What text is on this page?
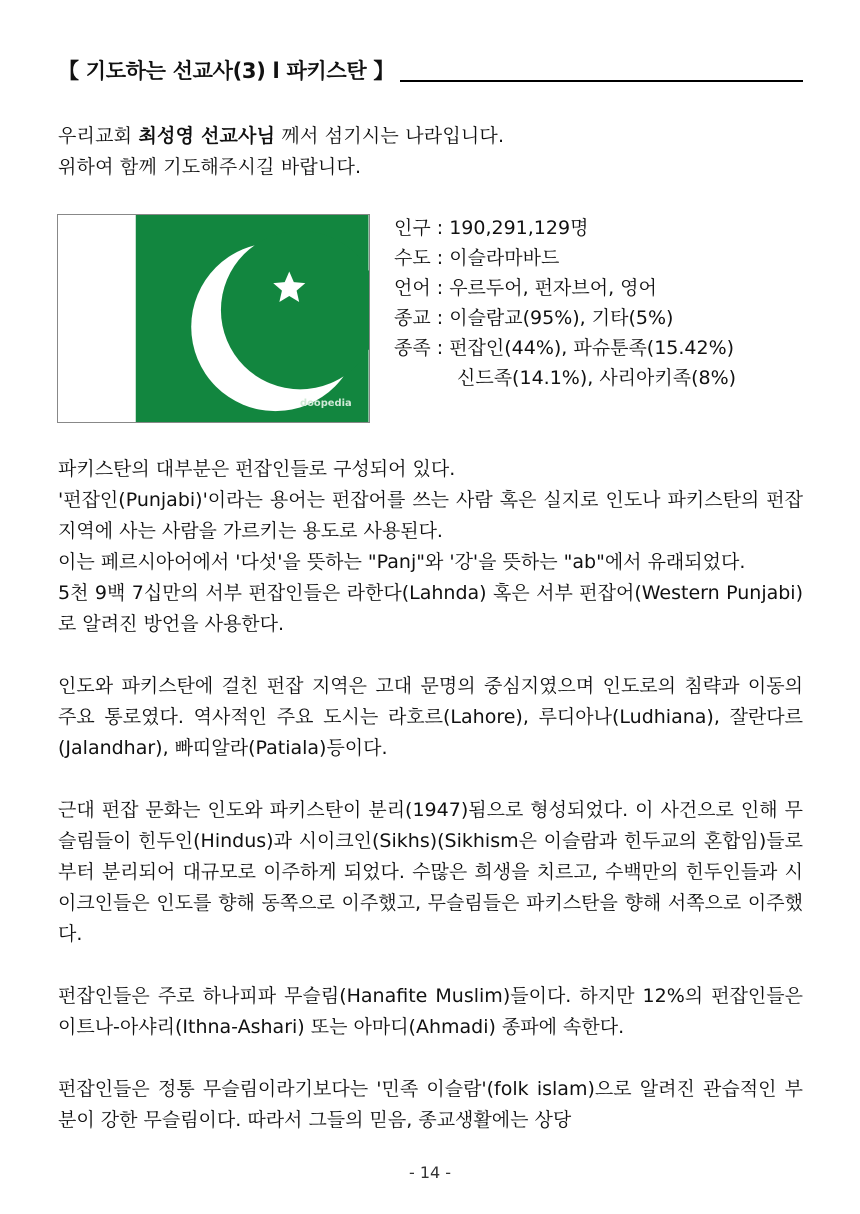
【 기도하는 선교사(3) l 파키스탄 】
우리교회 최성영 선교사님 께서 섬기시는 나라입니다.
위하여 함께 기도해주시길 바랍니다.
doopedia
인구 : 190,291,129명
수도 : 이슬라마바드
언어 : 우르두어, 펀자브어, 영어
종교 : 이슬람교(95%), 기타(5%)
종족 : 펀잡인(44%), 파슈툰족(15.42%)
신드족(14.1%), 사리아키족(8%)

파키스탄의 대부분은 펀잡인들로 구성되어 있다.

'펀잡인(Punjabi)'이라는 용어는 펀잡어를 쓰는 사람 혹은 실지로 인도나 파키스탄의 펀잡 지역에 사는 사람을 가르키는 용도로 사용된다.

이는 페르시아어에서 '다섯'을 뜻하는 "Panj"와 '강'을 뜻하는 "ab"에서 유래되었다.

5천 9백 7십만의 서부 펀잡인들은 라한다(Lahnda) 혹은 서부 펀잡어(Western Punjabi)로 알려진 방언을 사용한다.

인도와 파키스탄에 걸친 펀잡 지역은 고대 문명의 중심지였으며 인도로의 침략과 이동의 주요 통로였다. 역사적인 주요 도시는 라호르(Lahore), 루디아나(Ludhiana), 잘란다르(Jalandhar), 빠띠알라(Patiala)등이다.

근대 펀잡 문화는 인도와 파키스탄이 분리(1947)됨으로 형성되었다. 이 사건으로 인해 무슬림들이 힌두인(Hindus)과 시이크인(Sikhs)(Sikhism은 이슬람과 힌두교의 혼합임)들로부터 분리되어 대규모로 이주하게 되었다. 수많은 희생을 치르고, 수백만의 힌두인들과 시이크인들은 인도를 향해 동쪽으로 이주했고, 무슬림들은 파키스탄을 향해 서쪽으로 이주했다.

펀잡인들은 주로 하나피파 무슬림(Hanafite Muslim)들이다. 하지만 12%의 펀잡인들은 이트나-아샤리(Ithna-Ashari) 또는 아마디(Ahmadi) 종파에 속한다.

펀잡인들은 정통 무슬림이라기보다는 '민족 이슬람'(folk islam)으로 알려진 관습적인 부분이 강한 무슬림이다. 따라서 그들의 믿음, 종교생활에는 상당

- 14 -
